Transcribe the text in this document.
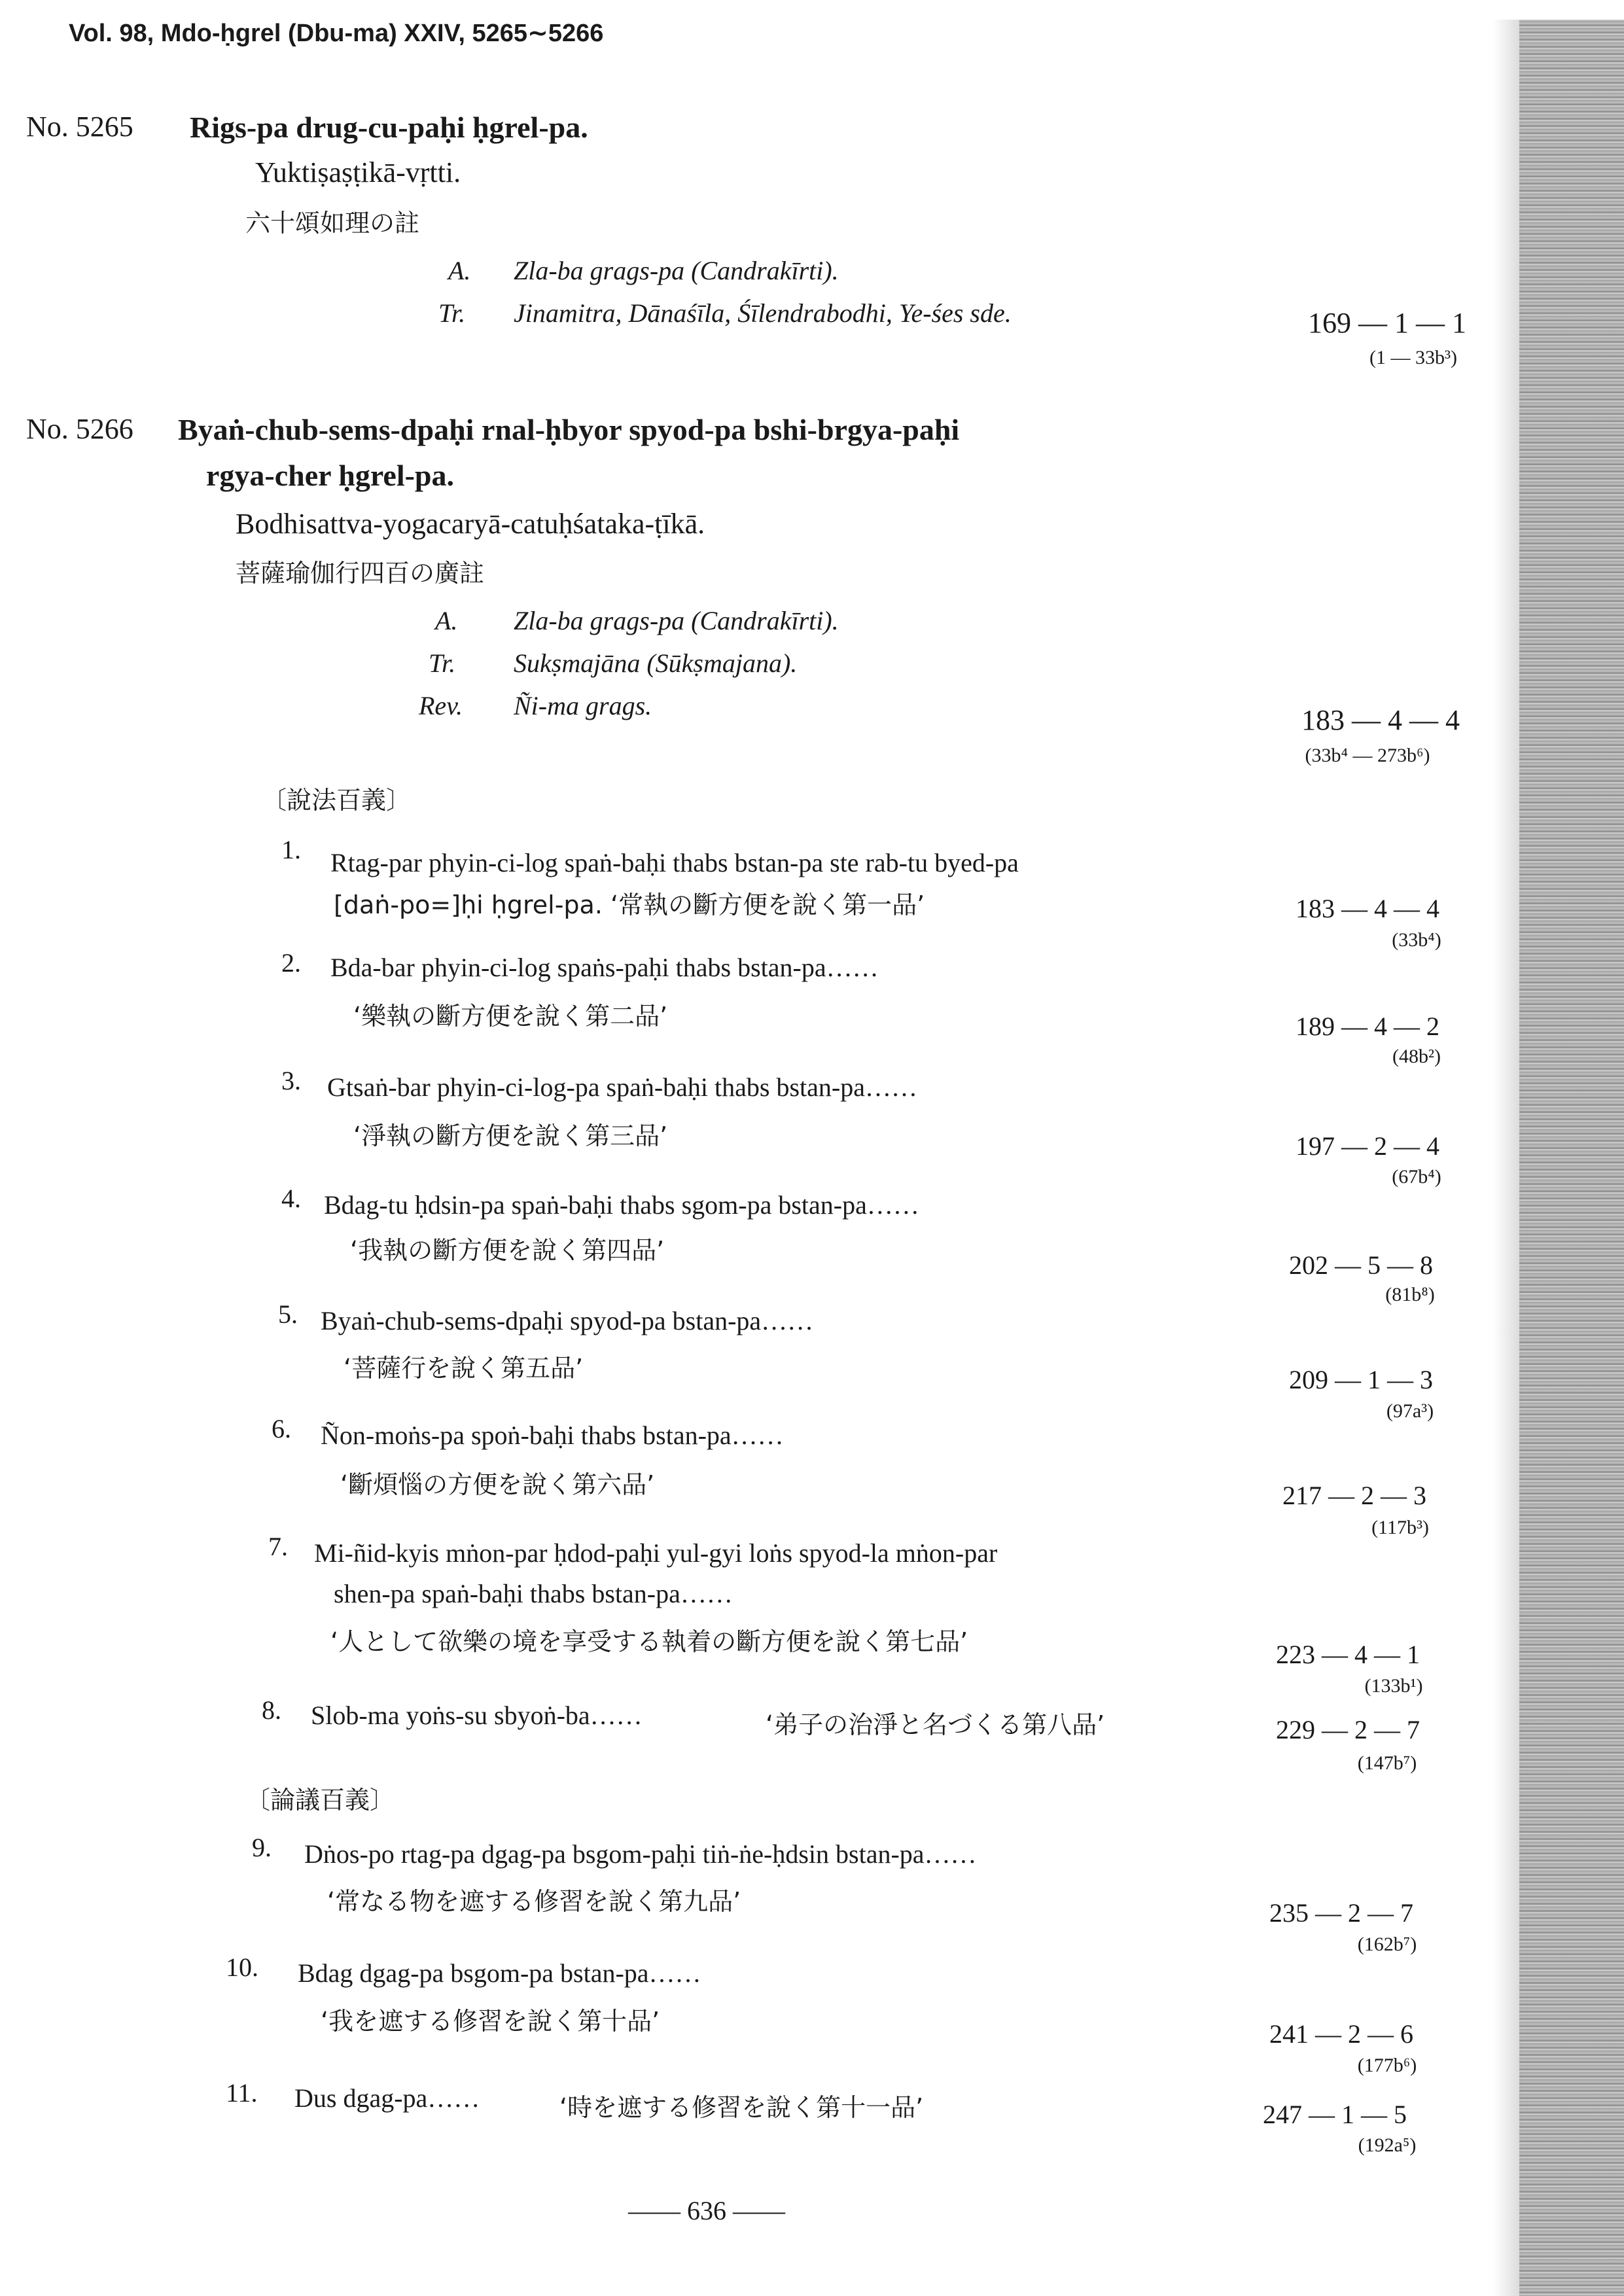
Vol. 98, Mdo-ḥgrel (Dbu-ma) XXIV, 5265∼5266
No. 5265 Rigs-pa drug-cu-paḥi ḥgrel-pa.
Yuktiṣaṣṭikā-vṛtti.
六十頌如理の註
A. Zla-ba grags-pa (Candrakīrti).
Tr. Jinamitra, Dānaśīla, Śīlendrabodhi, Ye-śes sde.	169 — 1 — 1
(1 — 33b³)
No. 5266 Byaṅ-chub-sems-dpaḥi rnal-ḥbyor spyod-pa bshi-brgya-paḥi
rgya-cher ḥgrel-pa.
Bodhisattva-yogacaryā-catuḥśataka-ṭīkā.
菩薩瑜伽行四百の廣註
A. Zla-ba grags-pa (Candrakīrti).
Tr. Sukṣmajāna (Sūkṣmajana).
Rev. Ñi-ma grags.	183 — 4 — 4
(33b⁴ — 273b⁶)
〔說法百義〕
1. Rtag-par phyin-ci-log spaṅ-baḥi thabs bstan-pa ste rab-tu byed-pa
[daṅ-po=]ḥi ḥgrel-pa. ‘常執の斷方便を說く第一品’	183 — 4 — 4
(33b⁴)
2. Bda-bar phyin-ci-log spaṅs-paḥi thabs bstan-pa……
‘樂執の斷方便を說く第二品’	189 — 4 — 2
(48b²)
3. Gtsaṅ-bar phyin-ci-log-pa spaṅ-baḥi thabs bstan-pa……
‘淨執の斷方便を說く第三品’	197 — 2 — 4
(67b⁴)
4. Bdag-tu ḥdsin-pa spaṅ-baḥi thabs sgom-pa bstan-pa……
‘我執の斷方便を說く第四品’	202 — 5 — 8
(81b⁸)
5. Byaṅ-chub-sems-dpaḥi spyod-pa bstan-pa……
‘菩薩行を說く第五品’	209 — 1 — 3
(97a³)
6. Ñon-moṅs-pa spoṅ-baḥi thabs bstan-pa……
‘斷煩惱の方便を說く第六品’	217 — 2 — 3
(117b³)
7. Mi-ñid-kyis mṅon-par ḥdod-paḥi yul-gyi loṅs spyod-la mṅon-par
shen-pa spaṅ-baḥi thabs bstan-pa……
‘人として欲樂の境を享受する執着の斷方便を說く第七品’	223 — 4 — 1
(133b¹)
8. Slob-ma yoṅs-su sbyoṅ-ba……	‘弟子の治淨と名づくる第八品’	229 — 2 — 7
(147b⁷)
〔論議百義〕
9. Dṅos-po rtag-pa dgag-pa bsgom-paḥi tiṅ-ṅe-ḥdsin bstan-pa……
‘常なる物を遮する修習を說く第九品’	235 — 2 — 7
(162b⁷)
10. Bdag dgag-pa bsgom-pa bstan-pa……
‘我を遮する修習を說く第十品’	241 — 2 — 6
(177b⁶)
11. Dus dgag-pa……	‘時を遮する修習を說く第十一品’	247 — 1 — 5
(192a⁵)
—— 636 ——
